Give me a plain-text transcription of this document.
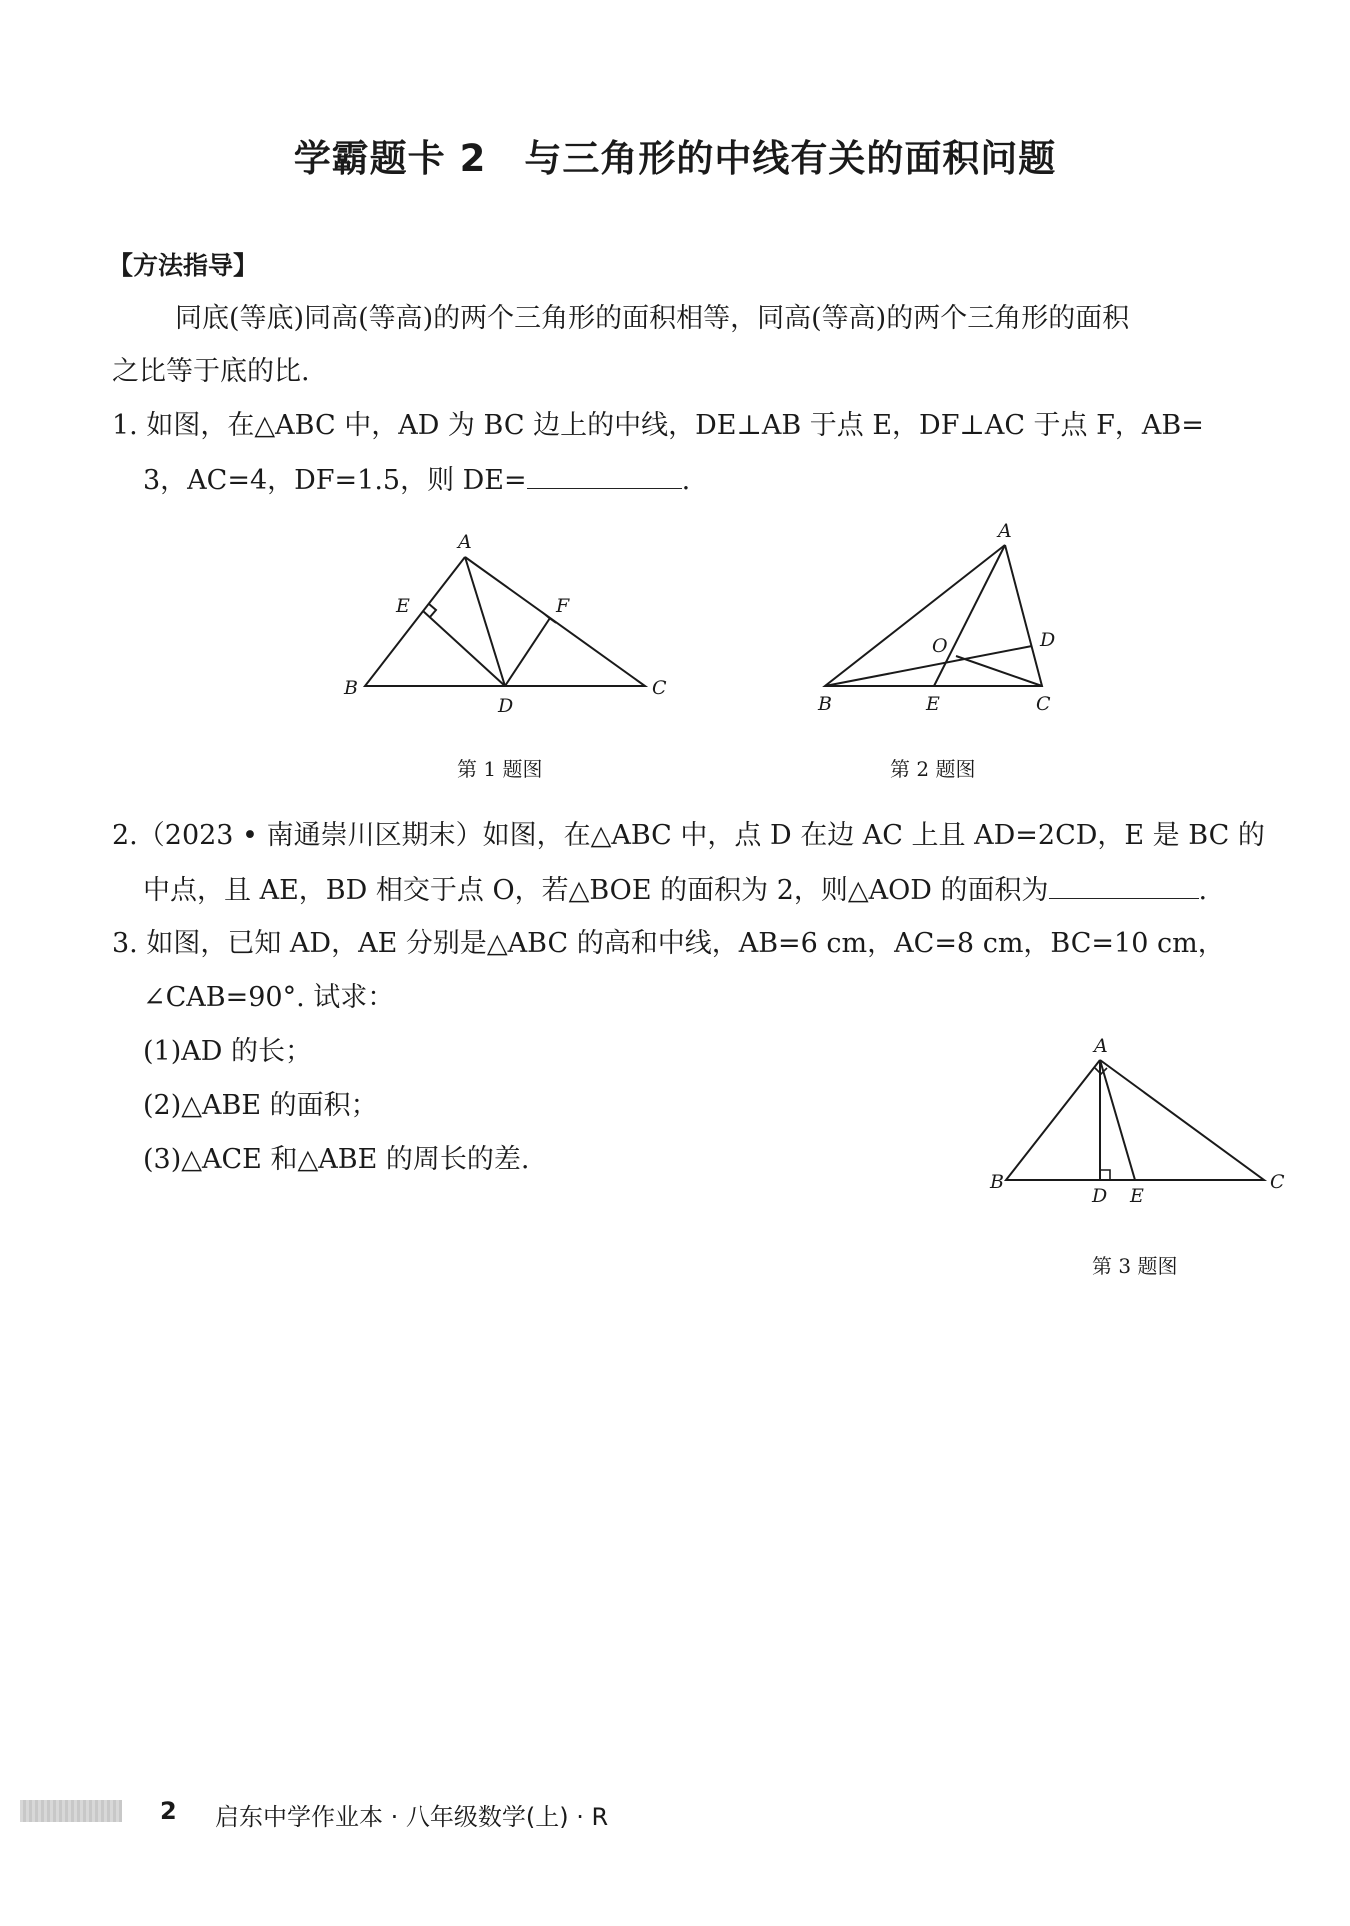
学霸题卡 2　与三角形的中线有关的面积问题
【方法指导】
同底(等底)同高(等高)的两个三角形的面积相等，同高(等高)的两个三角形的面积
之比等于底的比.
1. 如图，在△ABC 中，AD 为 BC 边上的中线，DE⊥AB 于点 E，DF⊥AC 于点 F，AB=
3，AC=4，DF=1.5，则 DE=	.
A
B	C
D
E	F
第 1 题图
A
B	C
D
E
O
第 2 题图
2.（2023 • 南通崇川区期末）如图，在△ABC 中，点 D 在边 AC 上且 AD=2CD，E 是 BC 的
中点，且 AE，BD 相交于点 O，若△BOE 的面积为 2，则△AOD 的面积为	.
3. 如图，已知 AD，AE 分别是△ABC 的高和中线，AB=6 cm，AC=8 cm，BC=10 cm，
∠CAB=90°. 试求：
(1)AD 的长；
(2)△ABE 的面积；
(3)△ACE 和△ABE 的周长的差.
A
B	C
D E
第 3 题图
2 启东中学作业本 · 八年级数学(上) · R
